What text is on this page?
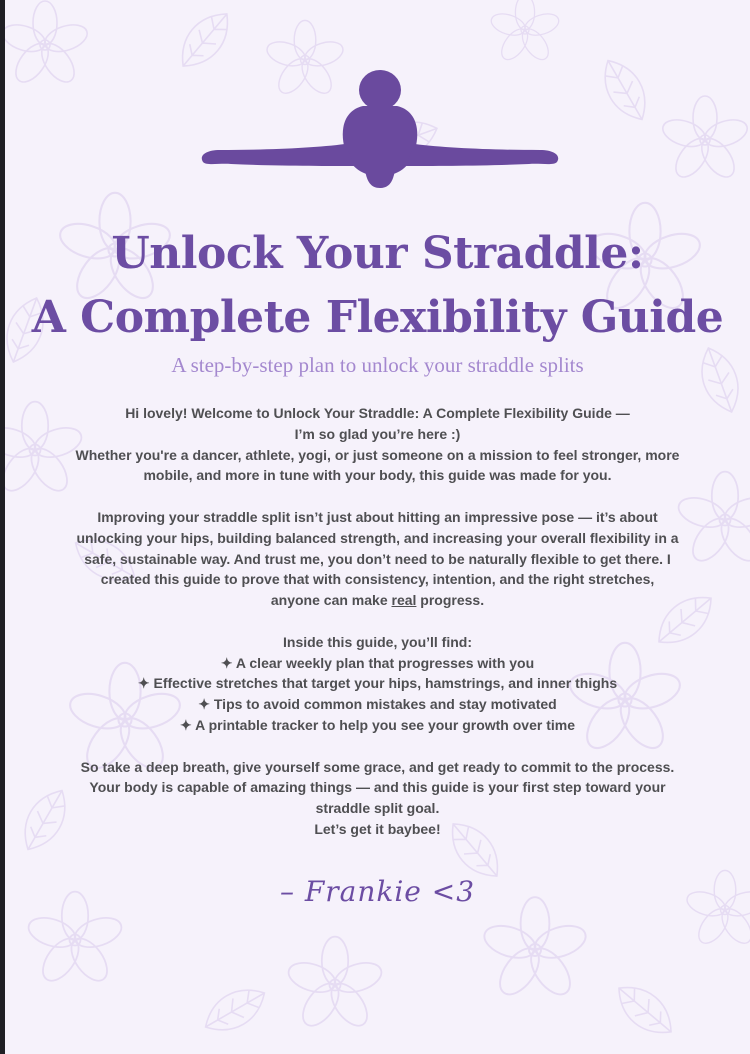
Unlock Your Straddle:
A Complete Flexibility Guide
A step-by-step plan to unlock your straddle splits

Hi lovely! Welcome to Unlock Your Straddle: A Complete Flexibility Guide —
I’m so glad you’re here :)
Whether you're a dancer, athlete, yogi, or just someone on a mission to feel stronger, more mobile, and more in tune with your body, this guide was made for you.

Improving your straddle split isn’t just about hitting an impressive pose — it’s about unlocking your hips, building balanced strength, and increasing your overall flexibility in a safe, sustainable way. And trust me, you don’t need to be naturally flexible to get there. I created this guide to prove that with consistency, intention, and the right stretches, anyone can make real progress.

Inside this guide, you’ll find:
✦ A clear weekly plan that progresses with you
✦ Effective stretches that target your hips, hamstrings, and inner thighs
✦ Tips to avoid common mistakes and stay motivated
✦ A printable tracker to help you see your growth over time

So take a deep breath, give yourself some grace, and get ready to commit to the process. Your body is capable of amazing things — and this guide is your first step toward your straddle split goal.
Let’s get it baybee!

– Frankie <3
